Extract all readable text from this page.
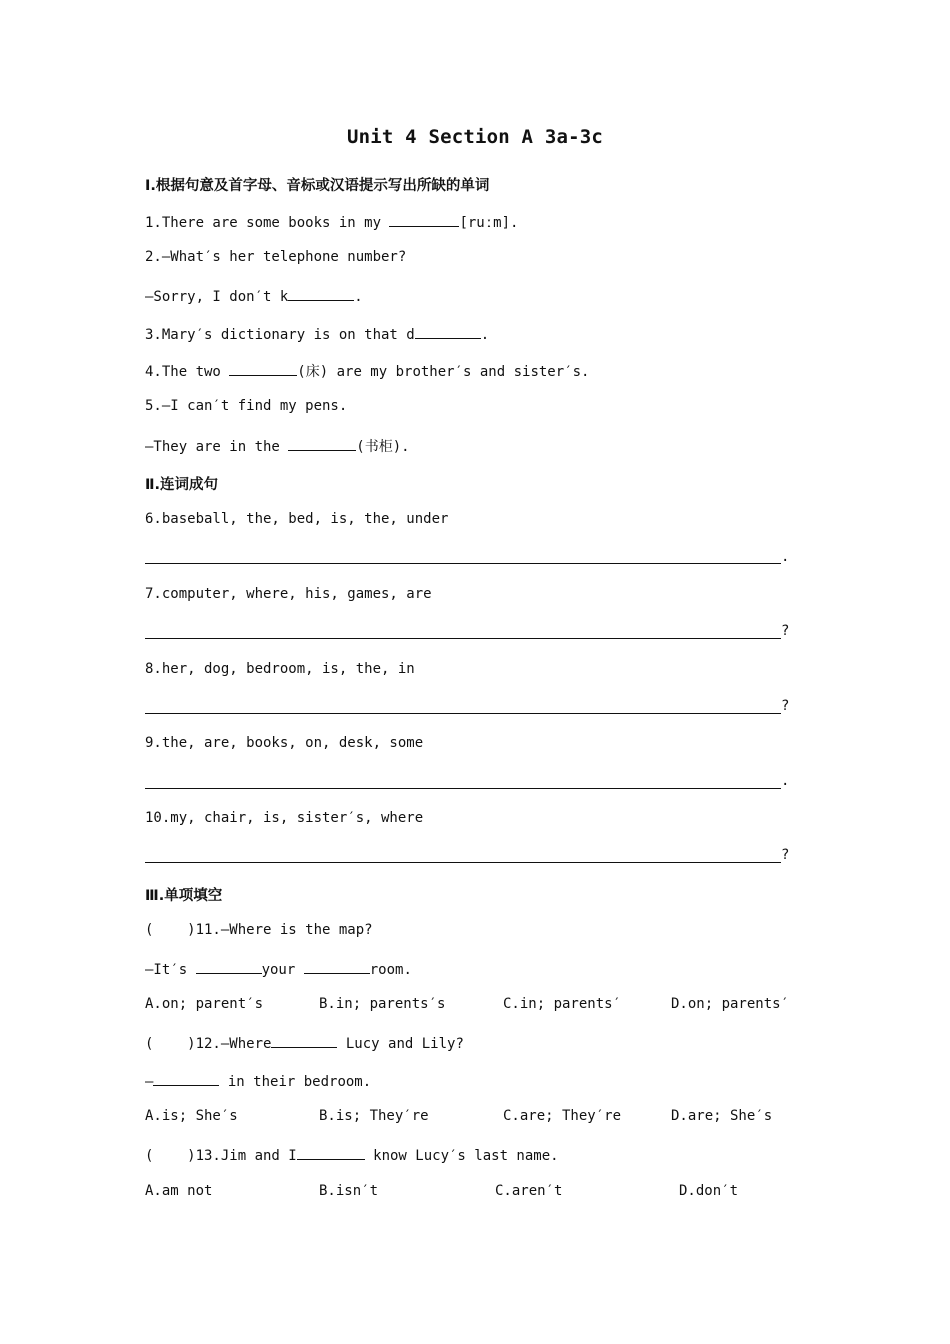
Unit 4 Section A 3a-3c
Ⅰ.根据句意及首字母、音标或汉语提示写出所缺的单词
1.There are some books in my	[ruːm].
2.—What′s her telephone number?
—Sorry, I don′t k	.
3.Mary′s dictionary is on that d	.
4.The two	(床) are my brother′s and sister′s.
5.—I can′t find my pens.
—They are in the	(书柜).
Ⅱ.连词成句
6.baseball, the, bed, is, the, under
.
7.computer, where, his, games, are
?
8.her, dog, bedroom, is, the, in
?
9.the, are, books, on, desk, some
.
10.my, chair, is, sister′s, where
?
Ⅲ.单项填空
(    )11.—Where is the map?
—It′s	your	room.
A.on; parent′s	B.in; parents′s	C.in; parents′	D.on; parents′
(    )12.—Where	Lucy and Lily?
—	in their bedroom.
A.is; She′s	B.is; They′re	C.are; They′re	D.are; She′s
(    )13.Jim and I	know Lucy′s last name.
A.am not	B.isn′t	C.aren′t	D.don′t
